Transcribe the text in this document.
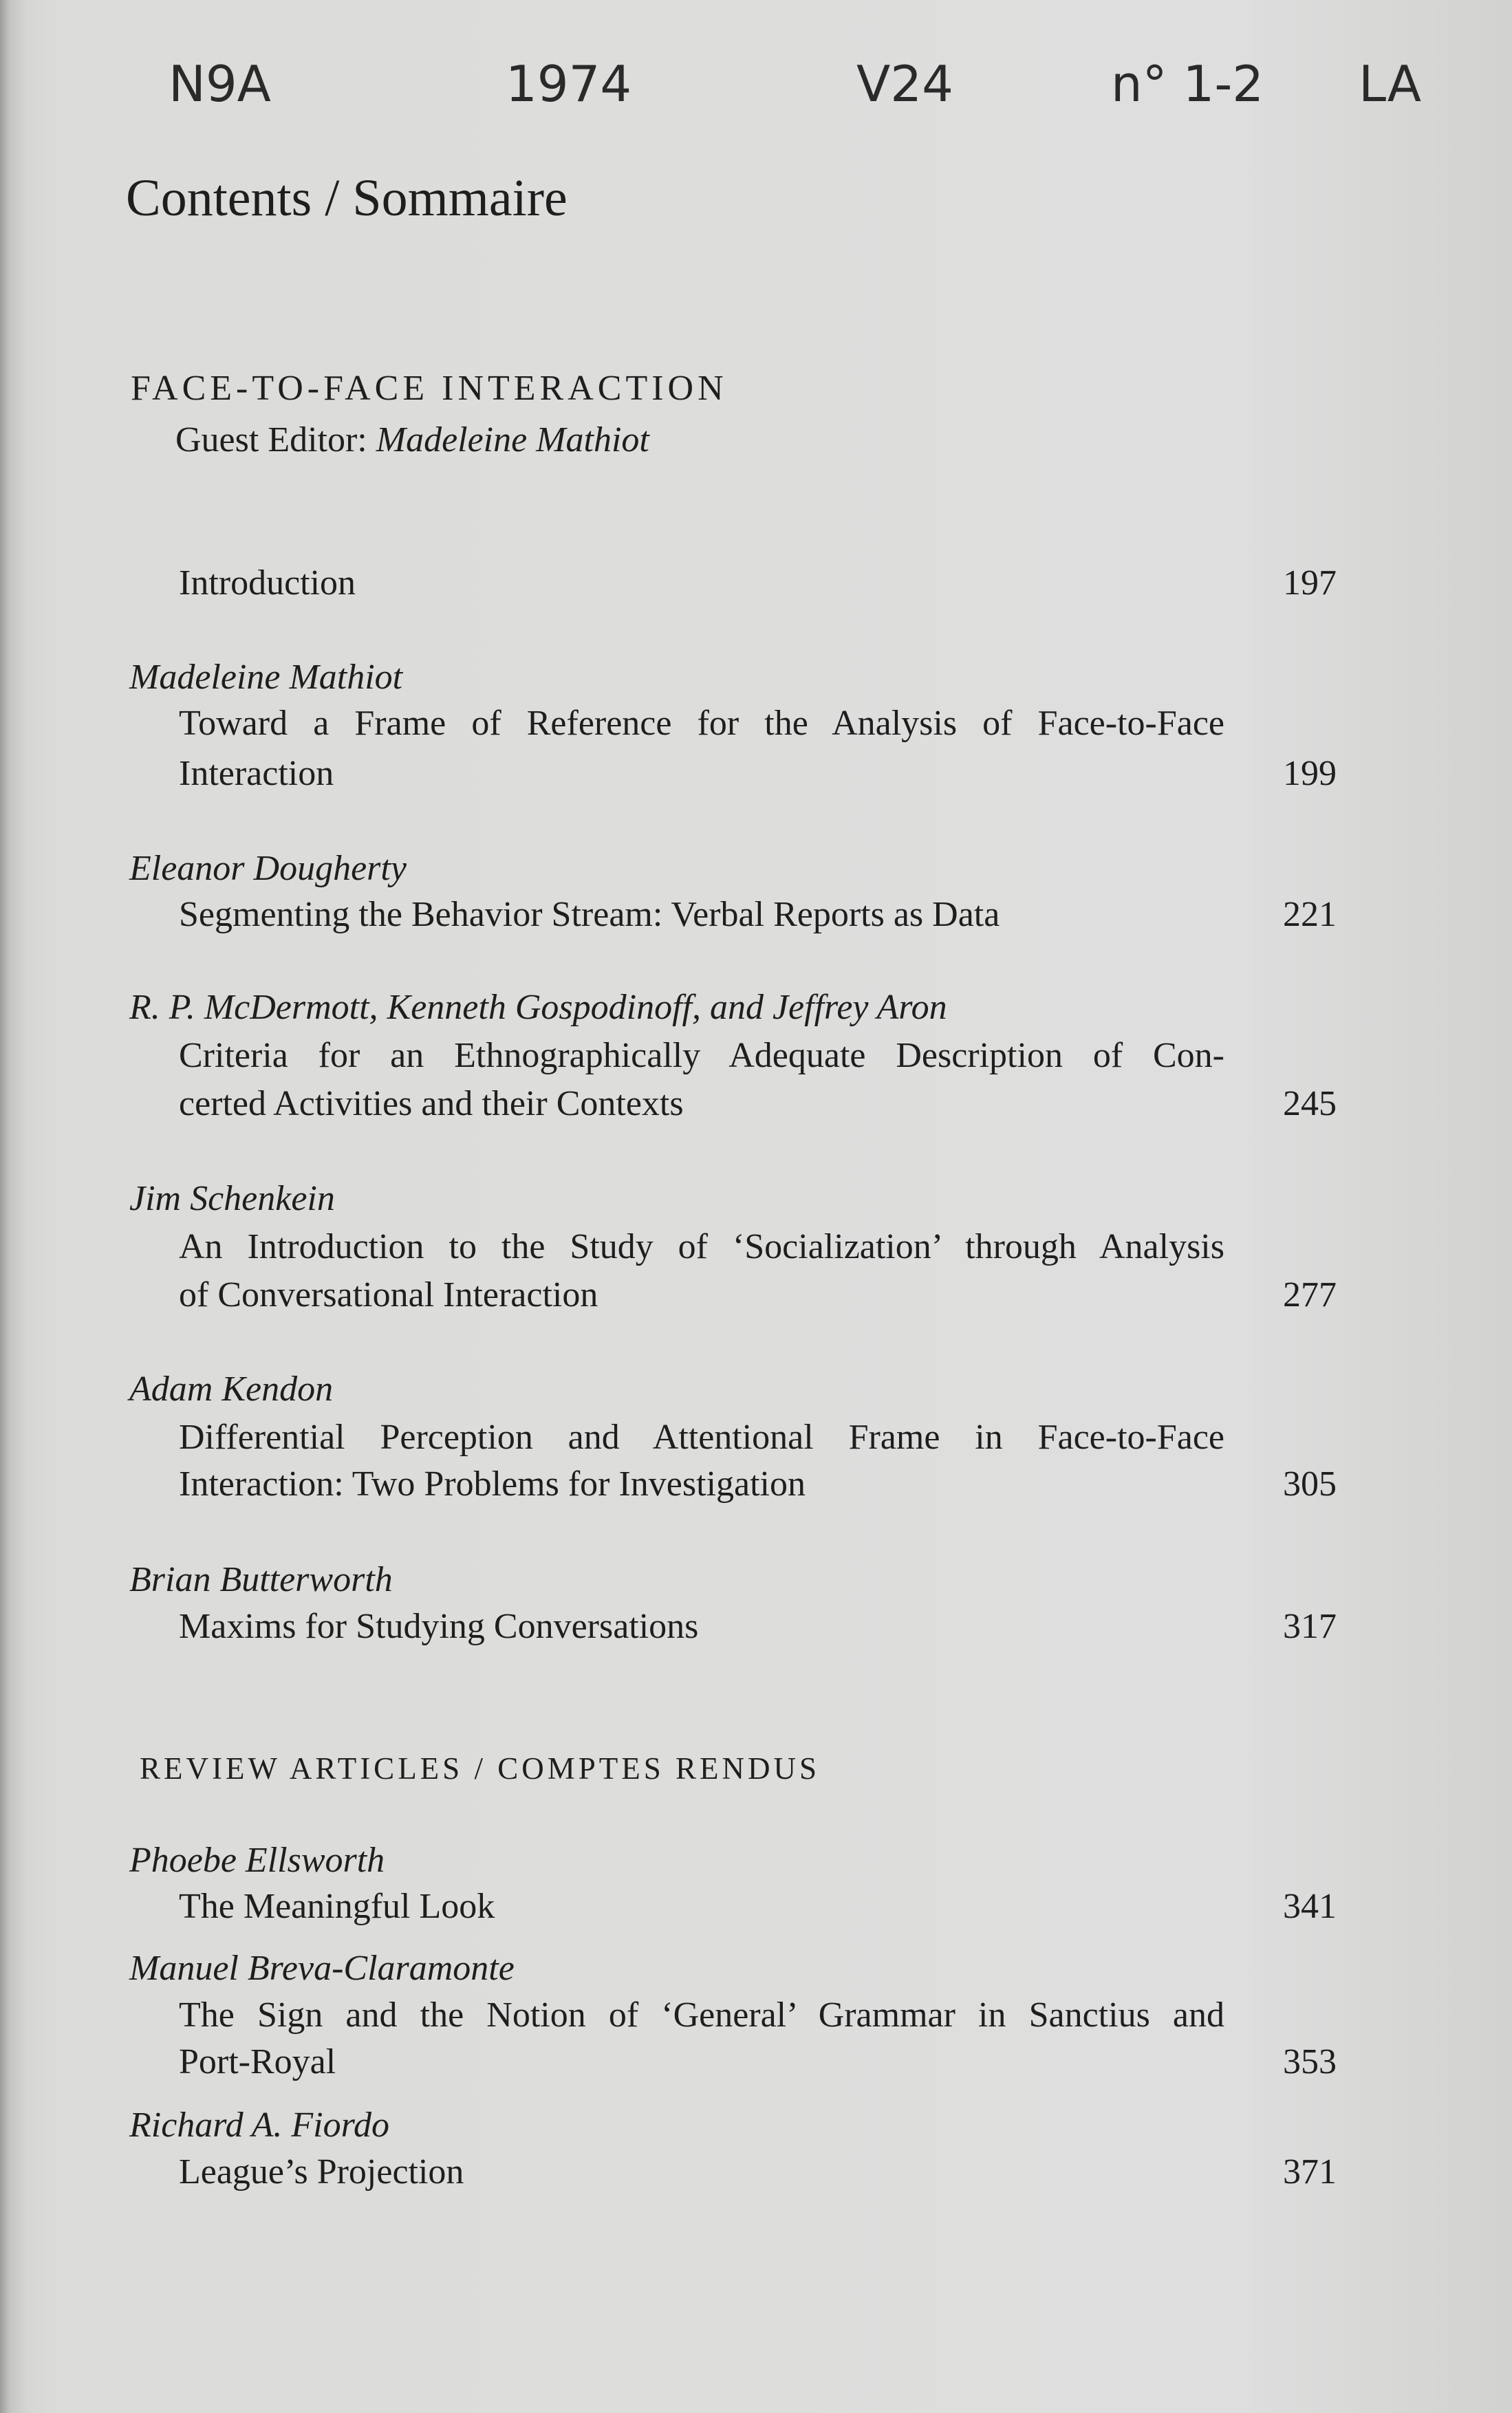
N9A	1974	V24	n° 1-2 LA
Contents / Sommaire
FACE-TO-FACE INTERACTION
Guest Editor: Madeleine Mathiot
Introduction	197
Madeleine Mathiot
Toward a Frame of Reference for the Analysis of Face-to-Face
Interaction	199
Eleanor Dougherty
Segmenting the Behavior Stream: Verbal Reports as Data	221
R. P. McDermott, Kenneth Gospodinoff, and Jeffrey Aron
Criteria for an Ethnographically Adequate Description of Con-
certed Activities and their Contexts	245
Jim Schenkein
An Introduction to the Study of ‘Socialization’ through Analysis
of Conversational Interaction	277
Adam Kendon
Differential Perception and Attentional Frame in Face-to-Face
Interaction: Two Problems for Investigation	305
Brian Butterworth
Maxims for Studying Conversations	317
REVIEW ARTICLES / COMPTES RENDUS
Phoebe Ellsworth
The Meaningful Look	341
Manuel Breva-Claramonte
The Sign and the Notion of ‘General’ Grammar in Sanctius and
Port-Royal	353
Richard A. Fiordo
League’s Projection	371
